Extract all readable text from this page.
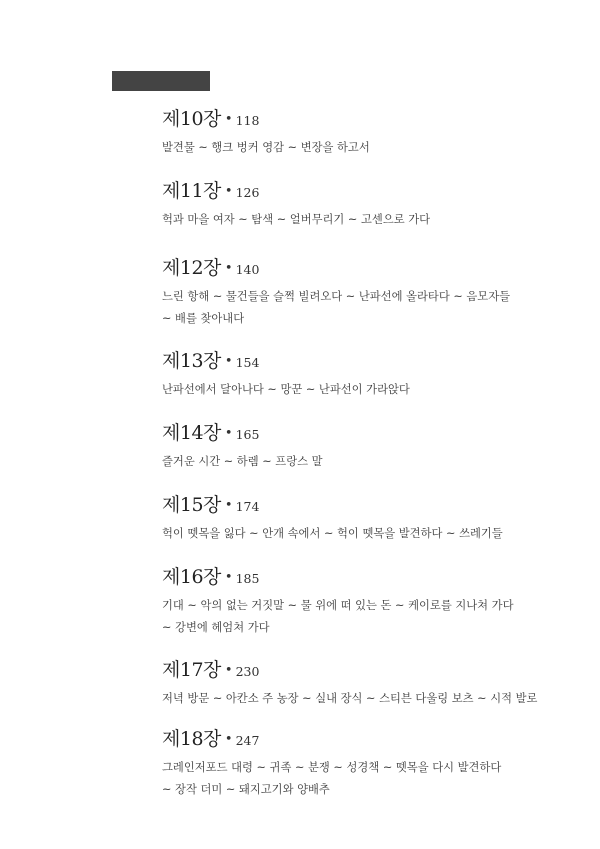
제10장 • 118
발견물 ~ 행크 벙커 영감 ~ 변장을 하고서
제11장 • 126
헉과 마을 여자 ~ 탐색 ~ 얼버무리기 ~ 고센으로 가다
제12장 • 140
느린 항해 ~ 물건들을 슬쩍 빌려오다 ~ 난파선에 올라타다 ~ 음모자들
~ 배를 찾아내다
제13장 • 154
난파선에서 달아나다 ~ 망꾼 ~ 난파선이 가라앉다
제14장 • 165
즐거운 시간 ~ 하렘 ~ 프랑스 말
제15장 • 174
헉이 뗏목을 잃다 ~ 안개 속에서 ~ 헉이 뗏목을 발견하다 ~ 쓰레기들
제16장 • 185
기대 ~ 악의 없는 거짓말 ~ 물 위에 떠 있는 돈 ~ 케이로를 지나쳐 가다
~ 강변에 헤엄쳐 가다
제17장 • 230
저녁 방문 ~ 아칸소 주 농장 ~ 실내 장식 ~ 스티븐 다울링 보츠 ~ 시적 발로
제18장 • 247
그레인저포드 대령 ~ 귀족 ~ 분쟁 ~ 성경책 ~ 뗏목을 다시 발견하다
~ 장작 더미 ~ 돼지고기와 양배추
